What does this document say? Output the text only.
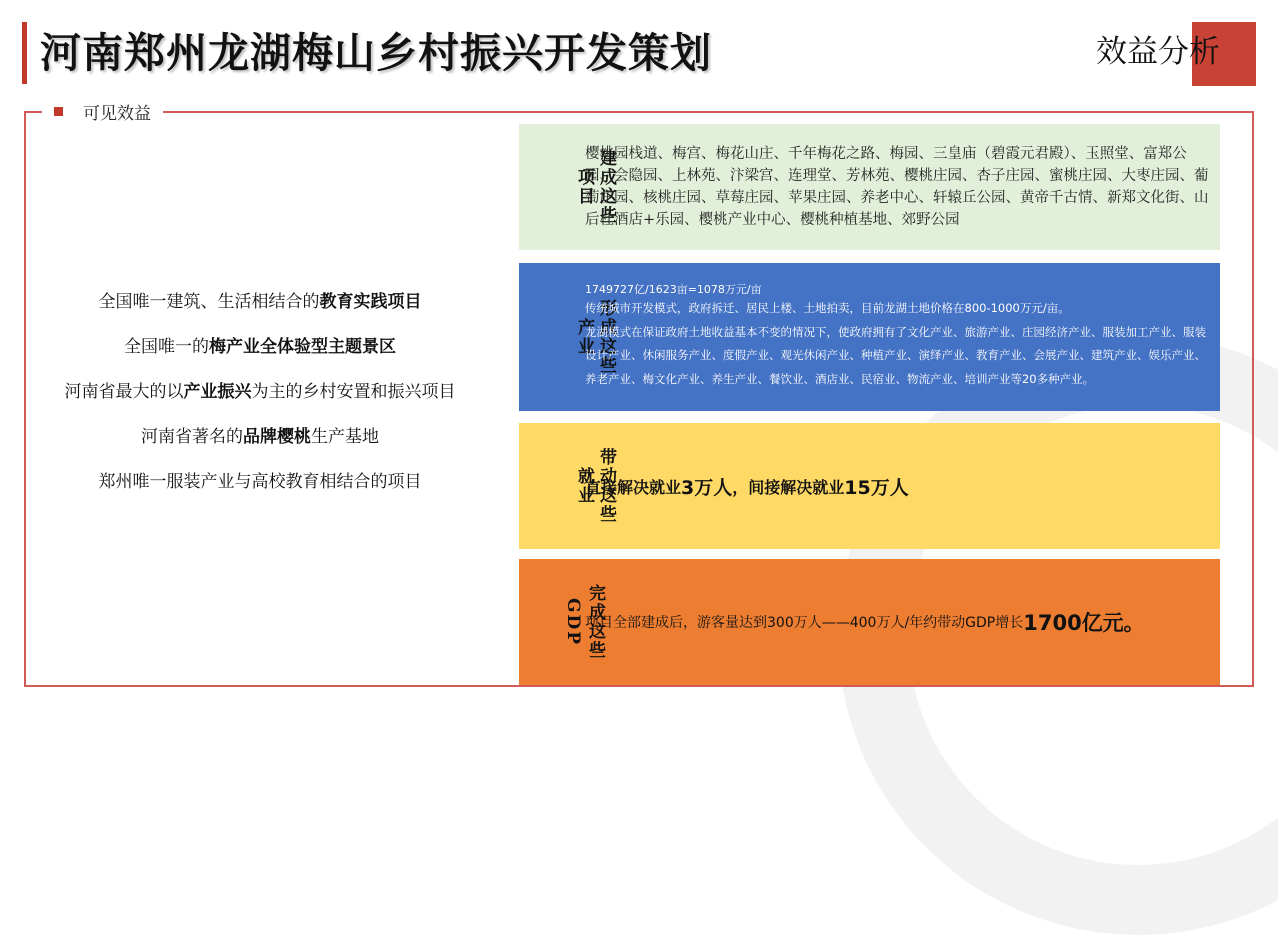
河南郑州龙湖梅山乡村振兴开发策划	效益分析
可见效益
全国唯一建筑、生活相结合的教育实践项目
全国唯一的梅产业全体验型主题景区
河南省最大的以产业振兴为主的乡村安置和振兴项目
河南省著名的品牌樱桃生产基地
郑州唯一服装产业与高校教育相结合的项目
建成这些
项目
樱桃园栈道、梅宫、梅花山庄、千年梅花之路、梅园、三皇庙（碧霞元君殿）、玉照堂、富郑公园、会隐园、上林苑、汴梁宫、连理堂、芳林苑、樱桃庄园、杏子庄园、蜜桃庄园、大枣庄园、葡萄庄园、核桃庄园、草莓庄园、苹果庄园、养老中心、轩辕丘公园、黄帝千古情、新郑文化街、山后杜酒店+乐园、樱桃产业中心、樱桃种植基地、郊野公园
形成这些
产业
1749727亿/1623亩=1078万元/亩
传统城市开发模式，政府拆迁、居民上楼、土地拍卖，目前龙湖土地价格在800-1000万元/亩。
龙湖模式在保证政府土地收益基本不变的情况下，使政府拥有了文化产业、旅游产业、庄园经济产业、服装加工产业、服装设计产业、休闲服务产业、度假产业、观光休闲产业、种植产业、演绎产业、教育产业、会展产业、建筑产业、娱乐产业、养老产业、梅文化产业、养生产业、餐饮业、酒店业、民宿业、物流产业、培训产业等20多种产业。
带动这些
就业
直接解决就业 3万人 ，间接解决就业 15万人
完成这些
GDP 项目全部建成后，游客量达到300万人——400万人/年约带动GDP增长 1700亿元。
